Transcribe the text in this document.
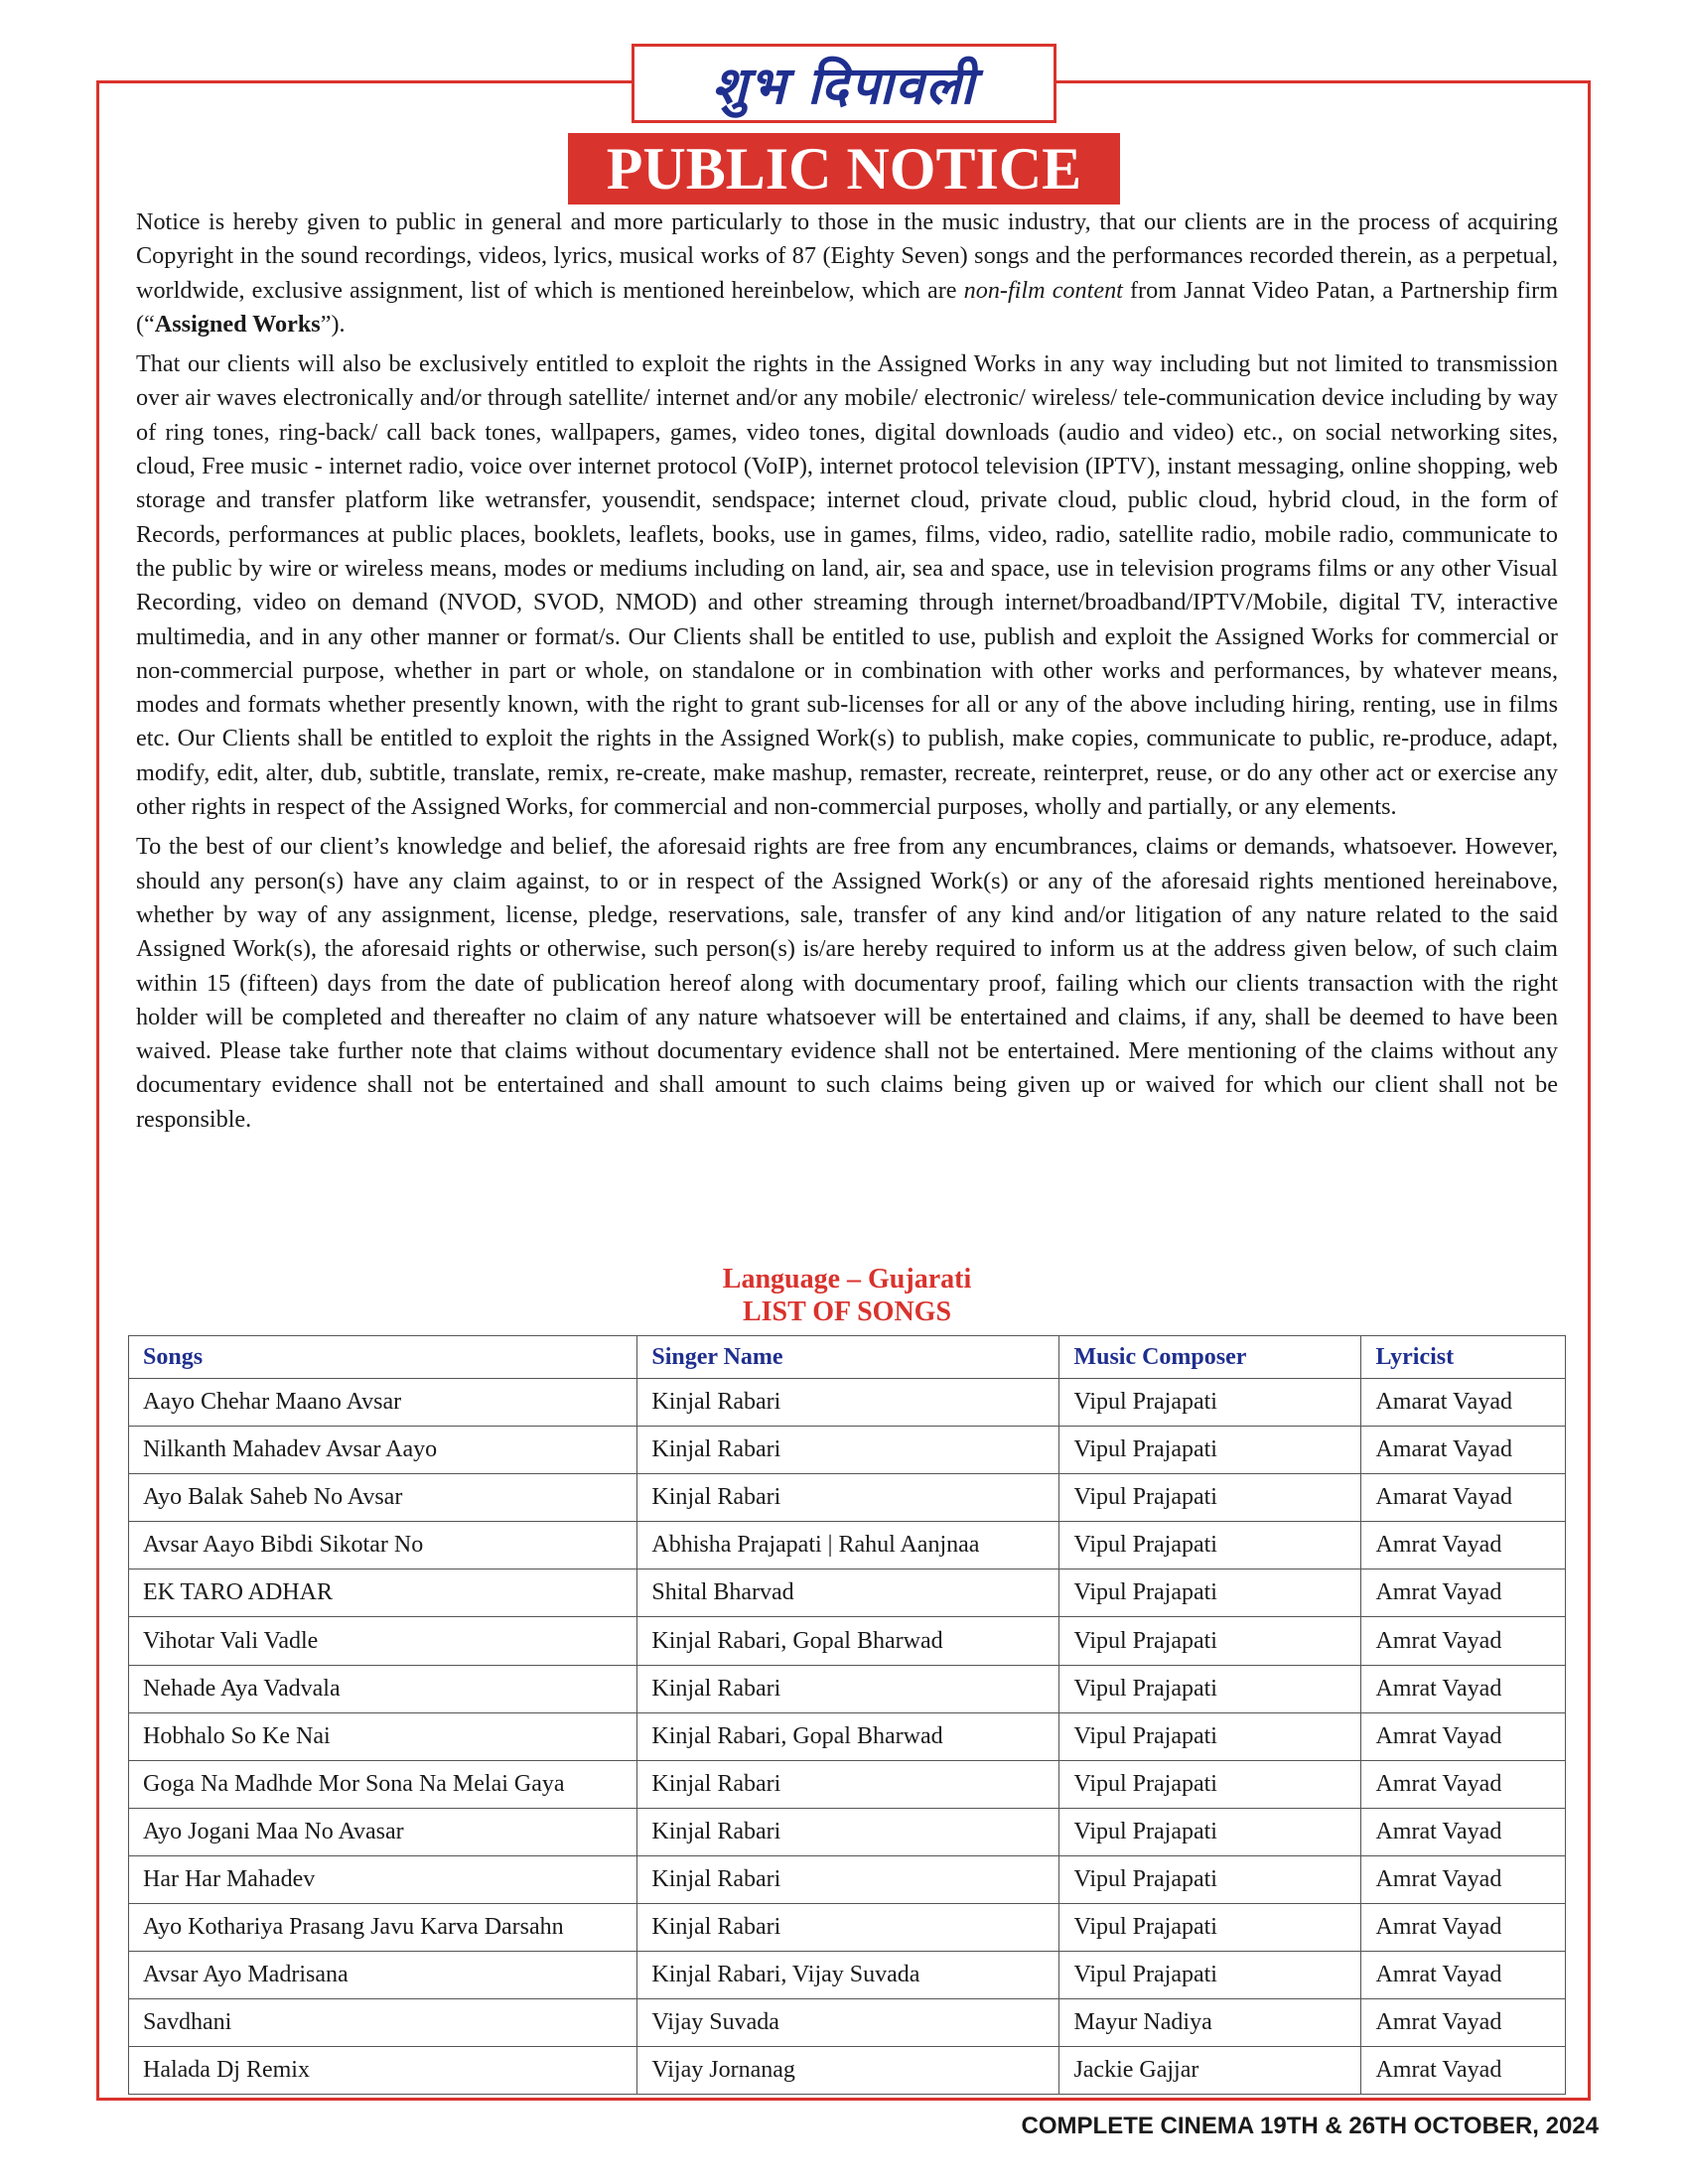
शुभ दिपावली
PUBLIC NOTICE

Notice is hereby given to public in general and more particularly to those in the music industry, that our clients are in the process of acquiring Copyright in the sound recordings, videos, lyrics, musical works of 87 (Eighty Seven) songs and the performances recorded therein, as a perpetual, worldwide, exclusive assignment, list of which is mentioned hereinbelow, which are non-film content from Jannat Video Patan, a Partnership firm (“Assigned Works”).

That our clients will also be exclusively entitled to exploit the rights in the Assigned Works in any way including but not limited to transmission over air waves electronically and/or through satellite/ internet and/or any mobile/ electronic/ wireless/ tele-communication device including by way of ring tones, ring-back/ call back tones, wallpapers, games, video tones, digital downloads (audio and video) etc., on social networking sites, cloud, Free music - internet radio, voice over internet protocol (VoIP), internet protocol television (IPTV), instant messaging, online shopping, web storage and transfer platform like wetransfer, yousendit, sendspace; internet cloud, private cloud, public cloud, hybrid cloud, in the form of Records, performances at public places, booklets, leaflets, books, use in games, films, video, radio, satellite radio, mobile radio, communicate to the public by wire or wireless means, modes or mediums including on land, air, sea and space, use in television programs films or any other Visual Recording, video on demand (NVOD, SVOD, NMOD) and other streaming through internet/broadband/IPTV/Mobile, digital TV, interactive multimedia, and in any other manner or format/s. Our Clients shall be entitled to use, publish and exploit the Assigned Works for commercial or non-commercial purpose, whether in part or whole, on standalone or in combination with other works and performances, by whatever means, modes and formats whether presently known, with the right to grant sub-licenses for all or any of the above including hiring, renting, use in films etc. Our Clients shall be entitled to exploit the rights in the Assigned Work(s) to publish, make copies, communicate to public, re-produce, adapt, modify, edit, alter, dub, subtitle, translate, remix, re-create, make mashup, remaster, recreate, reinterpret, reuse, or do any other act or exercise any other rights in respect of the Assigned Works, for commercial and non-commercial purposes, wholly and partially, or any elements.

To the best of our client’s knowledge and belief, the aforesaid rights are free from any encumbrances, claims or demands, whatsoever. However, should any person(s) have any claim against, to or in respect of the Assigned Work(s) or any of the aforesaid rights mentioned hereinabove, whether by way of any assignment, license, pledge, reservations, sale, transfer of any kind and/or litigation of any nature related to the said Assigned Work(s), the aforesaid rights or otherwise, such person(s) is/are hereby required to inform us at the address given below, of such claim within 15 (fifteen) days from the date of publication hereof along with documentary proof, failing which our clients transaction with the right holder will be completed and thereafter no claim of any nature whatsoever will be entertained and claims, if any, shall be deemed to have been waived. Please take further note that claims without documentary evidence shall not be entertained. Mere mentioning of the claims without any documentary evidence shall not be entertained and shall amount to such claims being given up or waived for which our client shall not be responsible.

Language – Gujarati
LIST OF SONGS
Songs	Singer Name	Music Composer	Lyricist
Aayo Chehar Maano Avsar	Kinjal Rabari	Vipul Prajapati	Amarat Vayad
Nilkanth Mahadev Avsar Aayo	Kinjal Rabari	Vipul Prajapati	Amarat Vayad
Ayo Balak Saheb No Avsar	Kinjal Rabari	Vipul Prajapati	Amarat Vayad
Avsar Aayo Bibdi Sikotar No	Abhisha Prajapati | Rahul Aanjnaa	Vipul Prajapati	Amrat Vayad
EK TARO ADHAR	Shital Bharvad	Vipul Prajapati	Amrat Vayad
Vihotar Vali Vadle	Kinjal Rabari, Gopal Bharwad	Vipul Prajapati	Amrat Vayad
Nehade Aya Vadvala	Kinjal Rabari	Vipul Prajapati	Amrat Vayad
Hobhalo So Ke Nai	Kinjal Rabari, Gopal Bharwad	Vipul Prajapati	Amrat Vayad
Goga Na Madhde Mor Sona Na Melai Gaya	Kinjal Rabari	Vipul Prajapati	Amrat Vayad
Ayo Jogani Maa No Avasar	Kinjal Rabari	Vipul Prajapati	Amrat Vayad
Har Har Mahadev	Kinjal Rabari	Vipul Prajapati	Amrat Vayad
Ayo Kothariya Prasang Javu Karva Darsahn	Kinjal Rabari	Vipul Prajapati	Amrat Vayad
Avsar Ayo Madrisana	Kinjal Rabari, Vijay Suvada	Vipul Prajapati	Amrat Vayad
Savdhani	Vijay Suvada	Mayur Nadiya	Amrat Vayad
Halada Dj Remix	Vijay Jornanag	Jackie Gajjar	Amrat Vayad
COMPLETE CINEMA 19TH & 26TH OCTOBER, 2024
